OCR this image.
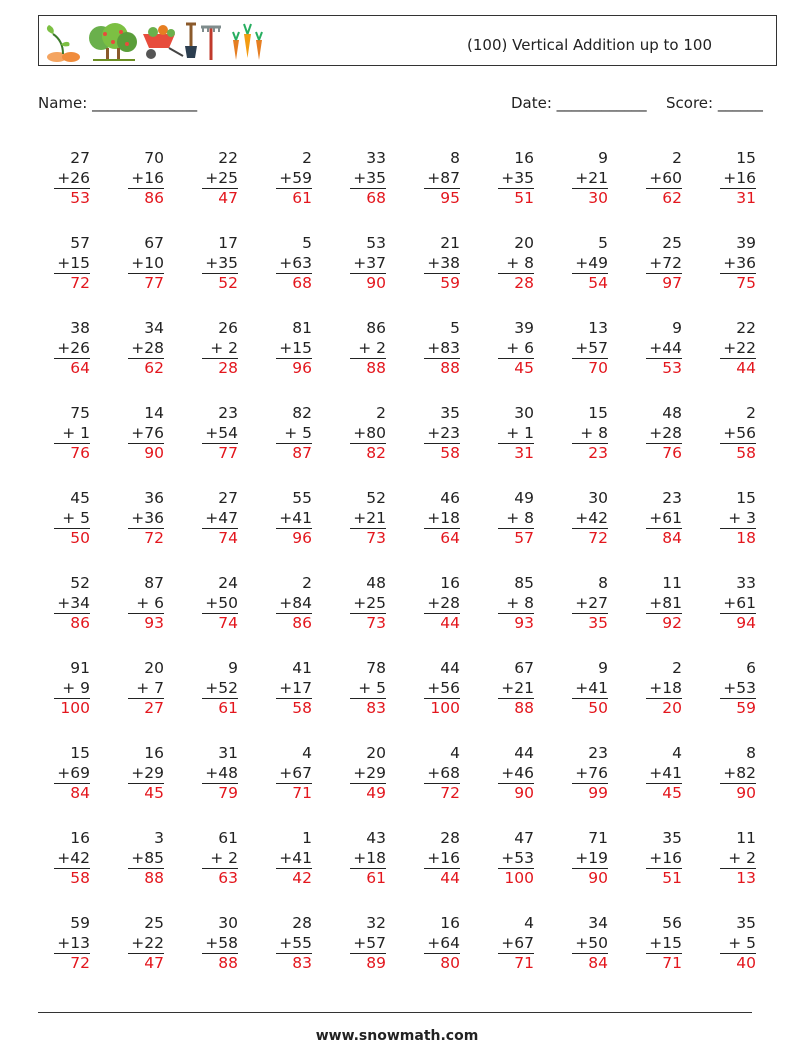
(100) Vertical Addition up to 100
Name: ______________	Date: ____________ Score: ______
27
+26
53
70
+16
86
22
+25
47
2
+59
61
33
+35
68
8
+87
95
16
+35
51
9
+21
30
2
+60
62
15
+16
31
57
+15
72
67
+10
77
17
+35
52
5
+63
68
53
+37
90
21
+38
59
20
+ 8
28
5
+49
54
25
+72
97
39
+36
75
38
+26
64
34
+28
62
26
+ 2
28
81
+15
96
86
+ 2
88
5
+83
88
39
+ 6
45
13
+57
70
9
+44
53
22
+22
44
75
+ 1
76
14
+76
90
23
+54
77
82
+ 5
87
2
+80
82
35
+23
58
30
+ 1
31
15
+ 8
23
48
+28
76
2
+56
58
45
+ 5
50
36
+36
72
27
+47
74
55
+41
96
52
+21
73
46
+18
64
49
+ 8
57
30
+42
72
23
+61
84
15
+ 3
18
52
+34
86
87
+ 6
93
24
+50
74
2
+84
86
48
+25
73
16
+28
44
85
+ 8
93
8
+27
35
11
+81
92
33
+61
94
91
+ 9
100
20
+ 7
27
9
+52
61
41
+17
58
78
+ 5
83
44
+56
100
67
+21
88
9
+41
50
2
+18
20
6
+53
59
15
+69
84
16
+29
45
31
+48
79
4
+67
71
20
+29
49
4
+68
72
44
+46
90
23
+76
99
4
+41
45
8
+82
90
16
+42
58
3
+85
88
61
+ 2
63
1
+41
42
43
+18
61
28
+16
44
47
+53
100
71
+19
90
35
+16
51
11
+ 2
13
59
+13
72
25
+22
47
30
+58
88
28
+55
83
32
+57
89
16
+64
80
4
+67
71
34
+50
84
56
+15
71
35
+ 5
40
www.snowmath.com
